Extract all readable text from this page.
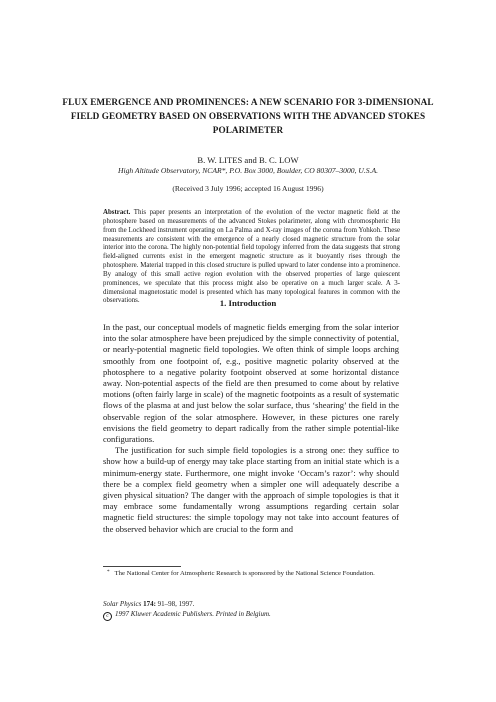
FLUX EMERGENCE AND PROMINENCES: A NEW SCENARIO FOR 3-DIMENSIONAL FIELD GEOMETRY BASED ON OBSERVATIONS WITH THE ADVANCED STOKES POLARIMETER
B. W. LITES and B. C. LOW
High Altitude Observatory, NCAR*, P.O. Box 3000, Boulder, CO 80307–3000, U.S.A.
(Received 3 July 1996; accepted 16 August 1996)
Abstract. This paper presents an interpretation of the evolution of the vector magnetic field at the photosphere based on measurements of the advanced Stokes polarimeter, along with chromospheric Hα from the Lockheed instrument operating on La Palma and X-ray images of the corona from Yohkoh. These measurements are consistent with the emergence of a nearly closed magnetic structure from the solar interior into the corona. The highly non-potential field topology inferred from the data suggests that strong field-aligned currents exist in the emergent magnetic structure as it buoyantly rises through the photosphere. Material trapped in this closed structure is pulled upward to later condense into a prominence. By analogy of this small active region evolution with the observed properties of large quiescent prominences, we speculate that this process might also be operative on a much larger scale. A 3-dimensional magnetostatic model is presented which has many topological features in common with the observations.	1. Introduction

In the past, our conceptual models of magnetic fields emerging from the solar interior into the solar atmosphere have been prejudiced by the simple connectivity of potential, or nearly-potential magnetic field topologies. We often think of simple loops arching smoothly from one footpoint of, e.g., positive magnetic polarity observed at the photosphere to a negative polarity footpoint observed at some horizontal distance away. Non-potential aspects of the field are then presumed to come about by relative motions (often fairly large in scale) of the magnetic footpoints as a result of systematic flows of the plasma at and just below the solar surface, thus ‘shearing’ the field in the observable region of the solar atmosphere. However, in these pictures one rarely envisions the field geometry to depart radically from the rather simple potential-like configurations.

The justification for such simple field topologies is a strong one: they suffice to show how a build-up of energy may take place starting from an initial state which is a minimum-energy state. Furthermore, one might invoke ‘Occam’s razor’: why should there be a complex field geometry when a simpler one will adequately describe a given physical situation? The danger with the approach of simple topologies is that it may embrace some fundamentally wrong assumptions regarding certain solar magnetic field structures: the simple topology may not take into account features of the observed behavior which are crucial to the form and

* The National Center for Atmospheric Research is sponsored by the National Science Foundation.
Solar Physics 174: 91–98, 1997.
c 1997 Kluwer Academic Publishers. Printed in Belgium.
